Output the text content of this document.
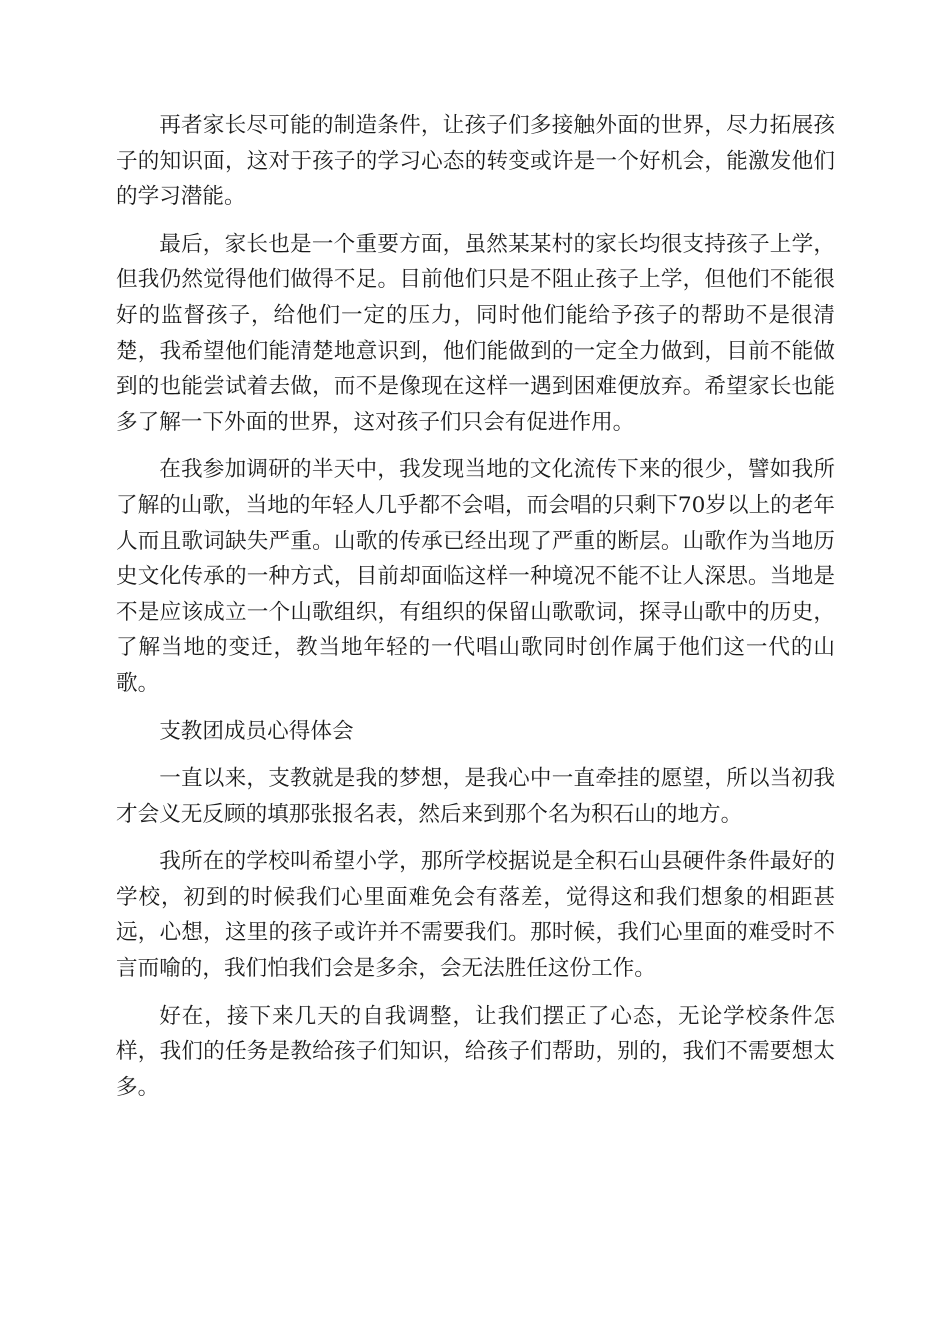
再者家长尽可能的制造条件，让孩子们多接触外面的世界，尽力拓展孩子的知识面，这对于孩子的学习心态的转变或许是一个好机会，能激发他们的学习潜能。

最后，家长也是一个重要方面，虽然某某村的家长均很支持孩子上学，但我仍然觉得他们做得不足。目前他们只是不阻止孩子上学，但他们不能很好的监督孩子，给他们一定的压力，同时他们能给予孩子的帮助不是很清楚，我希望他们能清楚地意识到，他们能做到的一定全力做到，目前不能做到的也能尝试着去做，而不是像现在这样一遇到困难便放弃。希望家长也能多了解一下外面的世界，这对孩子们只会有促进作用。

在我参加调研的半天中，我发现当地的文化流传下来的很少，譬如我所了解的山歌，当地的年轻人几乎都不会唱，而会唱的只剩下70岁以上的老年人而且歌词缺失严重。山歌的传承已经出现了严重的断层。山歌作为当地历史文化传承的一种方式，目前却面临这样一种境况不能不让人深思。当地是不是应该成立一个山歌组织，有组织的保留山歌歌词，探寻山歌中的历史，了解当地的变迁，教当地年轻的一代唱山歌同时创作属于他们这一代的山歌。

支教团成员心得体会

一直以来，支教就是我的梦想，是我心中一直牵挂的愿望，所以当初我才会义无反顾的填那张报名表，然后来到那个名为积石山的地方。

我所在的学校叫希望小学，那所学校据说是全积石山县硬件条件最好的学校，初到的时候我们心里面难免会有落差，觉得这和我们想象的相距甚远，心想，这里的孩子或许并不需要我们。那时候，我们心里面的难受时不言而喻的，我们怕我们会是多余，会无法胜任这份工作。

好在，接下来几天的自我调整，让我们摆正了心态，无论学校条件怎样，我们的任务是教给孩子们知识，给孩子们帮助，别的，我们不需要想太多。
